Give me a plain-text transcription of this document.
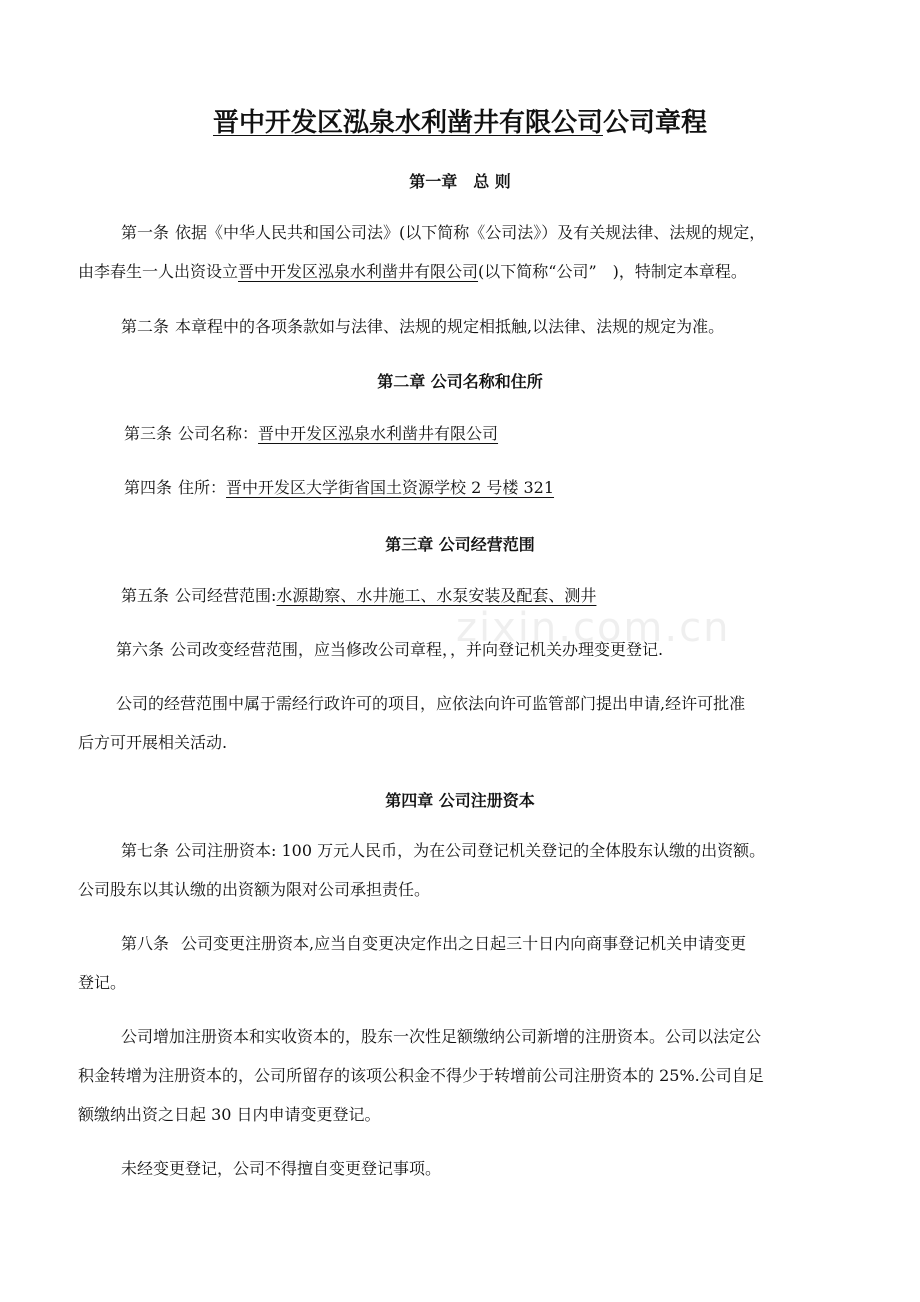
晋中开发区泓泉水利凿井有限公司公司章程
第一章　总 则
第一条 依据《中华人民共和国公司法》(以下简称《公司法》）及有关规法律、法规的规定，
由李春生一人出资设立晋中开发区泓泉水利凿井有限公司(以下简称“公司”　)，特制定本章程。
第二条 本章程中的各项条款如与法律、法规的规定相抵触,以法律、法规的规定为准。
第二章 公司名称和住所
第三条 公司名称：晋中开发区泓泉水利凿井有限公司
第四条 住所：晋中开发区大学街省国土资源学校 2 号楼 321
第三章 公司经营范围
第五条 公司经营范围:水源勘察、水井施工、水泵安装及配套、测井
第六条 公司改变经营范围，应当修改公司章程，，并向登记机关办理变更登记.
公司的经营范围中属于需经行政许可的项目，应依法向许可监管部门提出申请,经许可批准
后方可开展相关活动.
第四章 公司注册资本
第七条 公司注册资本: 100 万元人民币，为在公司登记机关登记的全体股东认缴的出资额。
公司股东以其认缴的出资额为限对公司承担责任。
第八条 公司变更注册资本,应当自变更决定作出之日起三十日内向商事登记机关申请变更
登记。
公司增加注册资本和实收资本的，股东一次性足额缴纳公司新增的注册资本。公司以法定公
积金转增为注册资本的，公司所留存的该项公积金不得少于转增前公司注册资本的 25%.公司自足
额缴纳出资之日起 30 日内申请变更登记。
未经变更登记，公司不得擅自变更登记事项。
zixin.com.cn
